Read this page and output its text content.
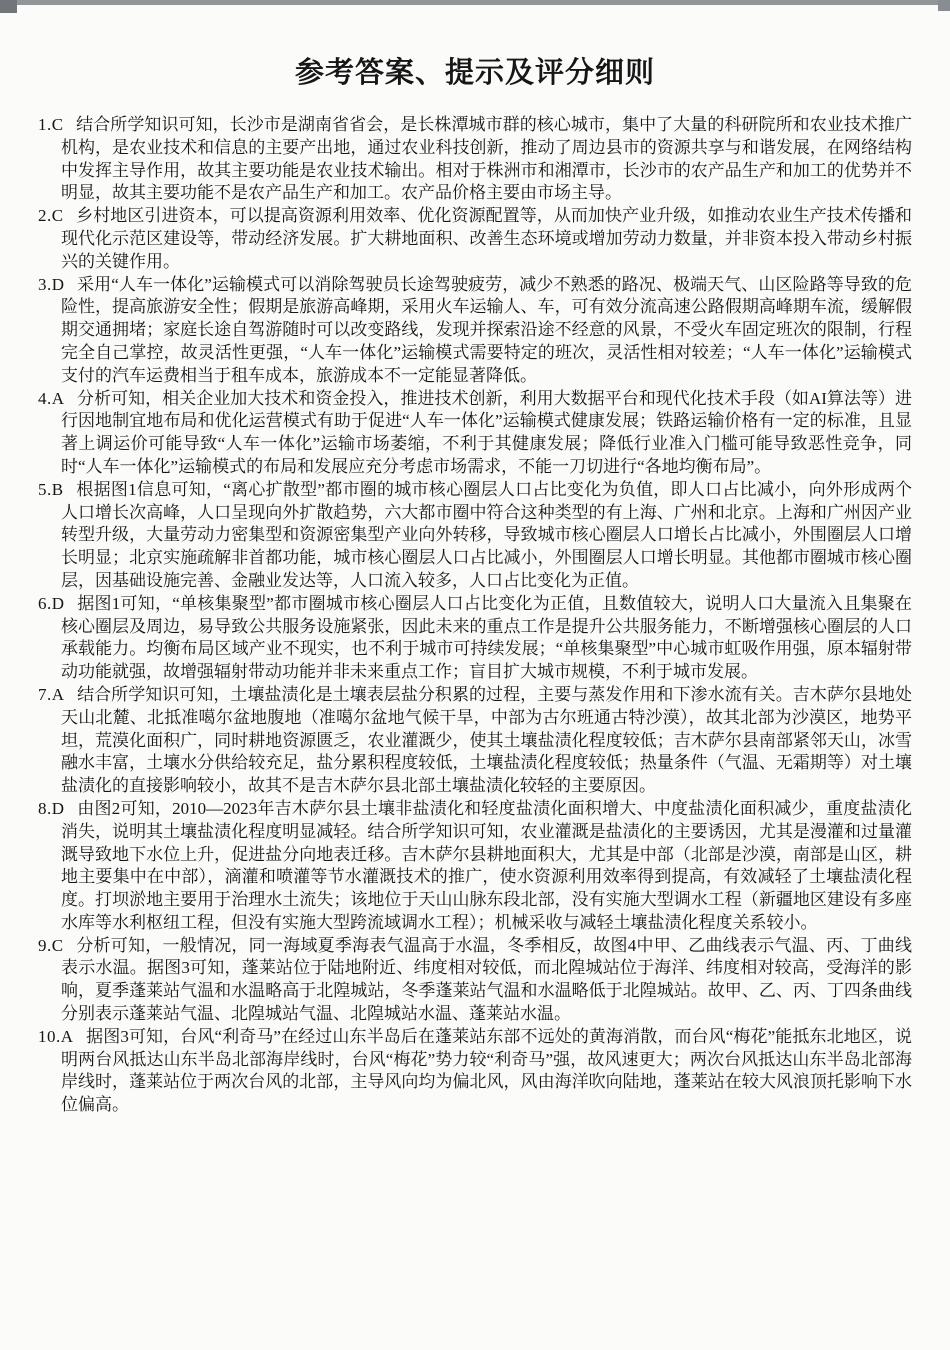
参考答案、提示及评分细则

1.C 结合所学知识可知，长沙市是湖南省省会，是长株潭城市群的核心城市，集中了大量的科研院所和农业技术推广机构，是农业技术和信息的主要产出地，通过农业科技创新，推动了周边县市的资源共享与和谐发展，在网络结构中发挥主导作用，故其主要功能是农业技术输出。相对于株洲市和湘潭市，长沙市的农产品生产和加工的优势并不明显，故其主要功能不是农产品生产和加工。农产品价格主要由市场主导。

2.C 乡村地区引进资本，可以提高资源利用效率、优化资源配置等，从而加快产业升级，如推动农业生产技术传播和现代化示范区建设等，带动经济发展。扩大耕地面积、改善生态环境或增加劳动力数量，并非资本投入带动乡村振兴的关键作用。

3.D 采用“人车一体化”运输模式可以消除驾驶员长途驾驶疲劳，减少不熟悉的路况、极端天气、山区险路等导致的危险性，提高旅游安全性；假期是旅游高峰期，采用火车运输人、车，可有效分流高速公路假期高峰期车流，缓解假期交通拥堵；家庭长途自驾游随时可以改变路线，发现并探索沿途不经意的风景，不受火车固定班次的限制，行程完全自己掌控，故灵活性更强，“人车一体化”运输模式需要特定的班次，灵活性相对较差；“人车一体化”运输模式支付的汽车运费相当于租车成本，旅游成本不一定能显著降低。

4.A 分析可知，相关企业加大技术和资金投入，推进技术创新，利用大数据平台和现代化技术手段（如AI算法等）进行因地制宜地布局和优化运营模式有助于促进“人车一体化”运输模式健康发展；铁路运输价格有一定的标准，且显著上调运价可能导致“人车一体化”运输市场萎缩，不利于其健康发展；降低行业准入门槛可能导致恶性竞争，同时“人车一体化”运输模式的布局和发展应充分考虑市场需求，不能一刀切进行“各地均衡布局”。

5.B 根据图1信息可知，“离心扩散型”都市圈的城市核心圈层人口占比变化为负值，即人口占比减小，向外形成两个人口增长次高峰，人口呈现向外扩散趋势，六大都市圈中符合这种类型的有上海、广州和北京。上海和广州因产业转型升级，大量劳动力密集型和资源密集型产业向外转移，导致城市核心圈层人口增长占比减小，外围圈层人口增长明显；北京实施疏解非首都功能，城市核心圈层人口占比减小，外围圈层人口增长明显。其他都市圈城市核心圈层，因基础设施完善、金融业发达等，人口流入较多，人口占比变化为正值。

6.D 据图1可知，“单核集聚型”都市圈城市核心圈层人口占比变化为正值，且数值较大，说明人口大量流入且集聚在核心圈层及周边，易导致公共服务设施紧张，因此未来的重点工作是提升公共服务能力，不断增强核心圈层的人口承载能力。均衡布局区域产业不现实，也不利于城市可持续发展；“单核集聚型”中心城市虹吸作用强，原本辐射带动功能就强，故增强辐射带动功能并非未来重点工作；盲目扩大城市规模，不利于城市发展。

7.A 结合所学知识可知，土壤盐渍化是土壤表层盐分积累的过程，主要与蒸发作用和下渗水流有关。吉木萨尔县地处天山北麓、北抵准噶尔盆地腹地（准噶尔盆地气候干旱，中部为古尔班通古特沙漠），故其北部为沙漠区，地势平坦，荒漠化面积广，同时耕地资源匮乏，农业灌溉少，使其土壤盐渍化程度较低；吉木萨尔县南部紧邻天山，冰雪融水丰富，土壤水分供给较充足，盐分累积程度较低，土壤盐渍化程度较低；热量条件（气温、无霜期等）对土壤盐渍化的直接影响较小，故其不是吉木萨尔县北部土壤盐渍化较轻的主要原因。

8.D 由图2可知，2010—2023年吉木萨尔县土壤非盐渍化和轻度盐渍化面积增大、中度盐渍化面积减少，重度盐渍化消失，说明其土壤盐渍化程度明显减轻。结合所学知识可知，农业灌溉是盐渍化的主要诱因，尤其是漫灌和过量灌溉导致地下水位上升，促进盐分向地表迁移。吉木萨尔县耕地面积大，尤其是中部（北部是沙漠，南部是山区，耕地主要集中在中部），滴灌和喷灌等节水灌溉技术的推广，使水资源利用效率得到提高，有效减轻了土壤盐渍化程度。打坝淤地主要用于治理水土流失；该地位于天山山脉东段北部，没有实施大型调水工程（新疆地区建设有多座水库等水利枢纽工程，但没有实施大型跨流域调水工程）；机械采收与减轻土壤盐渍化程度关系较小。

9.C 分析可知，一般情况，同一海域夏季海表气温高于水温，冬季相反，故图4中甲、乙曲线表示气温、丙、丁曲线表示水温。据图3可知，蓬莱站位于陆地附近、纬度相对较低，而北隍城站位于海洋、纬度相对较高，受海洋的影响，夏季蓬莱站气温和水温略高于北隍城站，冬季蓬莱站气温和水温略低于北隍城站。故甲、乙、丙、丁四条曲线分别表示蓬莱站气温、北隍城站气温、北隍城站水温、蓬莱站水温。

10.A 据图3可知，台风“利奇马”在经过山东半岛后在蓬莱站东部不远处的黄海消散，而台风“梅花”能抵东北地区，说明两台风抵达山东半岛北部海岸线时，台风“梅花”势力较“利奇马”强，故风速更大；两次台风抵达山东半岛北部海岸线时，蓬莱站位于两次台风的北部，主导风向均为偏北风，风由海洋吹向陆地，蓬莱站在较大风浪顶托影响下水位偏高。
